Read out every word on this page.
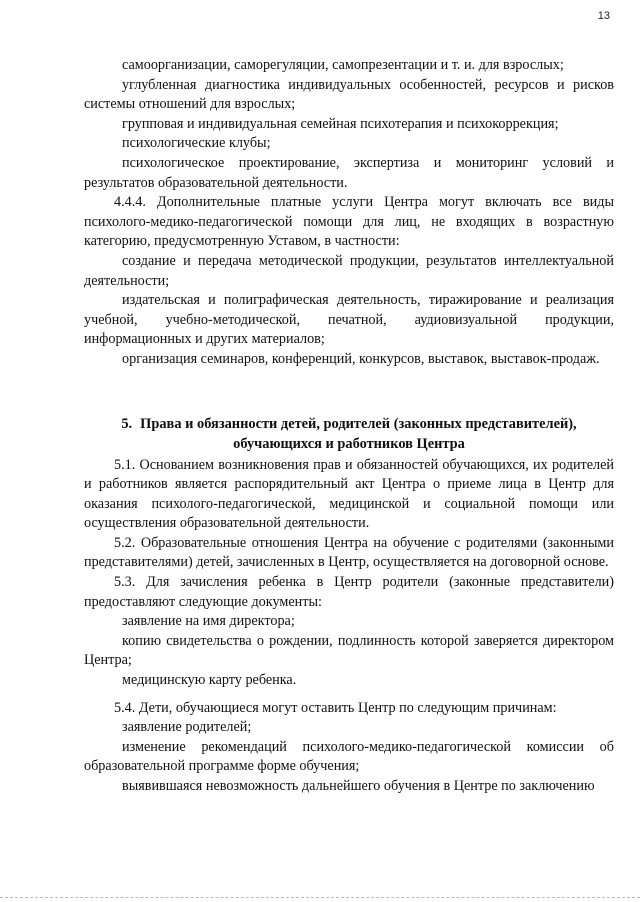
13

самоорганизации, саморегуляции, самопрезентации и т. и. для взрослых;

углубленная диагностика индивидуальных особенностей, ресурсов и рисков системы отношений для взрослых;

групповая и индивидуальная семейная психотерапия и психокоррекция;

психологические клубы;

психологическое проектирование, экспертиза и мониторинг условий и результатов образовательной деятельности.

4.4.4. Дополнительные платные услуги Центра могут включать все виды психолого-медико-педагогической помощи для лиц, не входящих в возрастную категорию, предусмотренную Уставом, в частности:

создание и передача методической продукции, результатов интеллектуальной деятельности;

издательская и полиграфическая деятельность, тиражирование и реализация учебной, учебно-методической, печатной, аудиовизуальной продукции, информационных и других материалов;

организация семинаров, конференций, конкурсов, выставок, выставок-продаж.

5. Права и обязанности детей, родителей (законных представителей),
обучающихся и работников Центра

5.1. Основанием возникновения прав и обязанностей обучающихся, их родителей и работников является распорядительный акт Центра о приеме лица в Центр для оказания психолого-педагогической, медицинской и социальной помощи или осуществления образовательной деятельности.

5.2. Образовательные отношения Центра на обучение с родителями (законными представителями) детей, зачисленных в Центр, осуществляется на договорной основе.

5.3. Для зачисления ребенка в Центр родители (законные представители) предоставляют следующие документы:

заявление на имя директора;

копию свидетельства о рождении, подлинность которой заверяется директором Центра;

медицинскую карту ребенка.

5.4. Дети, обучающиеся могут оставить Центр по следующим причинам:

заявление родителей;

изменение рекомендаций психолого-медико-педагогической комиссии об образовательной программе форме обучения;

выявившаяся невозможность дальнейшего обучения в Центре по заключению
